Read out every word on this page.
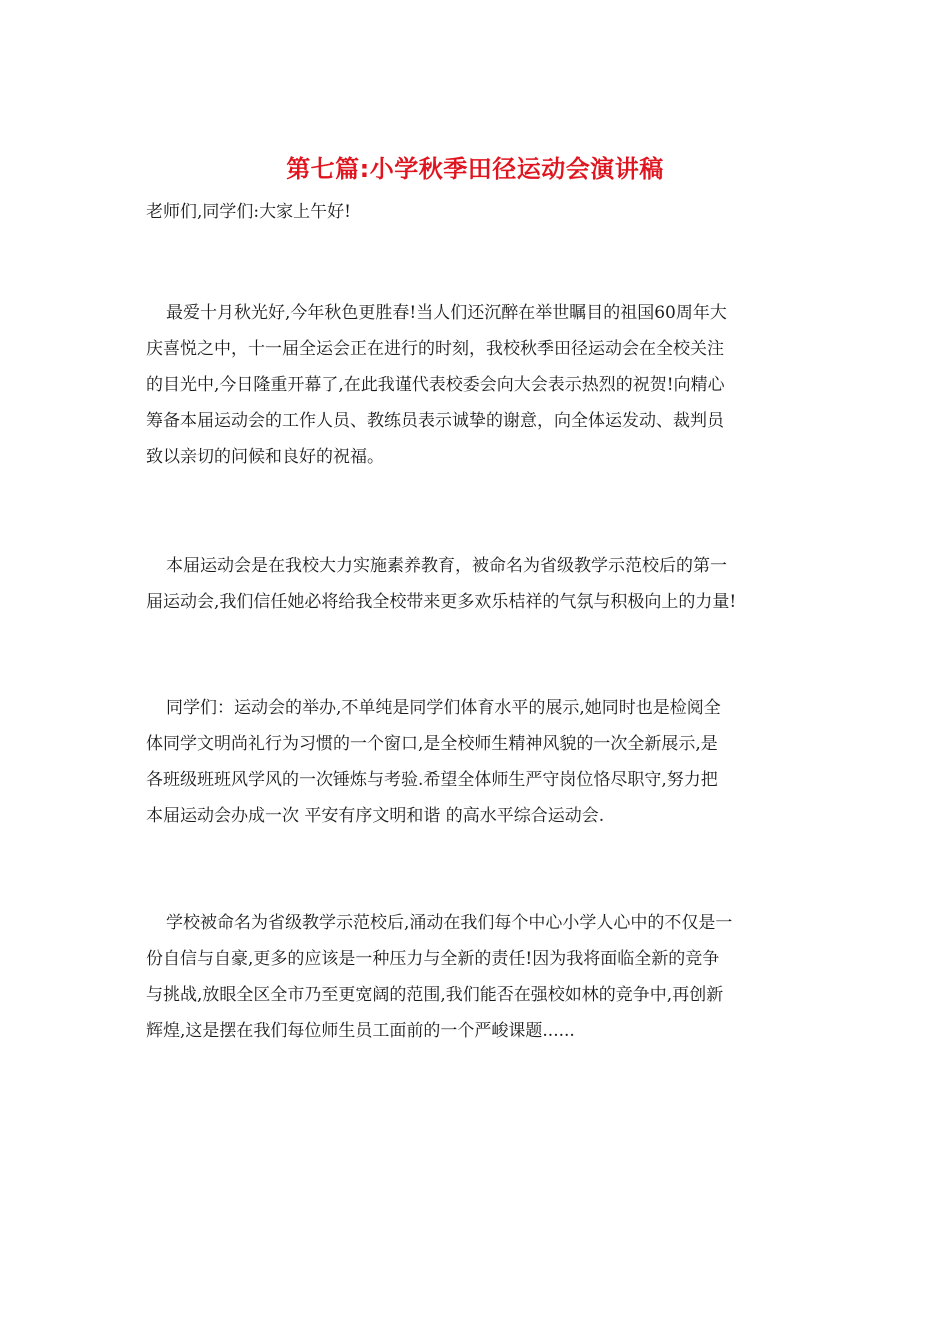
第七篇:小学秋季田径运动会演讲稿
老师们,同学们:大家上午好!
最爱十月秋光好,今年秋色更胜春!当人们还沉醉在举世瞩目的祖国60周年大
庆喜悦之中，十一届全运会正在进行的时刻，我校秋季田径运动会在全校关注
的目光中,今日隆重开幕了,在此我谨代表校委会向大会表示热烈的祝贺!向精心
筹备本届运动会的工作人员、教练员表示诚挚的谢意，向全体运发动、裁判员
致以亲切的问候和良好的祝福。
本届运动会是在我校大力实施素养教育，被命名为省级教学示范校后的第一
届运动会,我们信任她必将给我全校带来更多欢乐桔祥的气氛与积极向上的力量!
同学们：运动会的举办,不单纯是同学们体育水平的展示,她同时也是检阅全
体同学文明尚礼行为习惯的一个窗口,是全校师生精神风貌的一次全新展示,是
各班级班班风学风的一次锤炼与考验.希望全体师生严守岗位恪尽职守,努力把
本届运动会办成一次 平安有序文明和谐 的高水平综合运动会.
学校被命名为省级教学示范校后,涌动在我们每个中心小学人心中的不仅是一
份自信与自豪,更多的应该是一种压力与全新的责任!因为我将面临全新的竞争
与挑战,放眼全区全市乃至更宽阔的范围,我们能否在强校如林的竞争中,再创新
辉煌,这是摆在我们每位师生员工面前的一个严峻课题......
